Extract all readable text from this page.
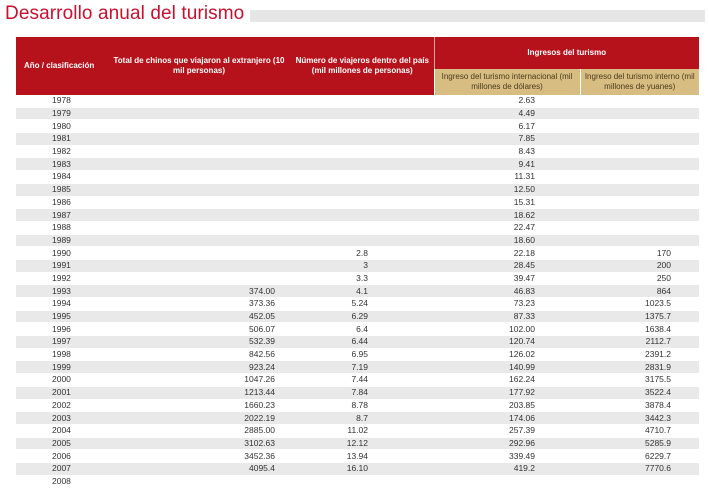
Desarrollo anual del turismo
Año / clasificación	Total de chinos que viajaron al extranjero (10 mil personas)	Número de viajeros dentro del país (mil millones de personas)	Ingresos del turismo	
			Ingreso del turismo internacional (mil millones de dólares)	Ingreso del turismo interno (mil millones de yuanes)
1978			2.63	
1979			4.49	
1980			6.17	
1981			7.85	
1982			8.43	
1983			9.41	
1984			11.31	
1985			12.50	
1986			15.31	
1987			18.62	
1988			22.47	
1989			18.60	
1990		2.8	22.18	170
1991		3	28.45	200
1992		3.3	39.47	250
1993	374.00	4.1	46.83	864
1994	373.36	5.24	73.23	1023.5
1995	452.05	6.29	87.33	1375.7
1996	506.07	6.4	102.00	1638.4
1997	532.39	6.44	120.74	2112.7
1998	842.56	6.95	126.02	2391.2
1999	923.24	7.19	140.99	2831.9
2000	1047.26	7.44	162.24	3175.5
2001	1213.44	7.84	177.92	3522.4
2002	1660.23	8.78	203.85	3878.4
2003	2022.19	8.7	174.06	3442.3
2004	2885.00	11.02	257.39	4710.7
2005	3102.63	12.12	292.96	5285.9
2006	3452.36	13.94	339.49	6229.7
2007	4095.4	16.10	419.2	7770.6
2008				
